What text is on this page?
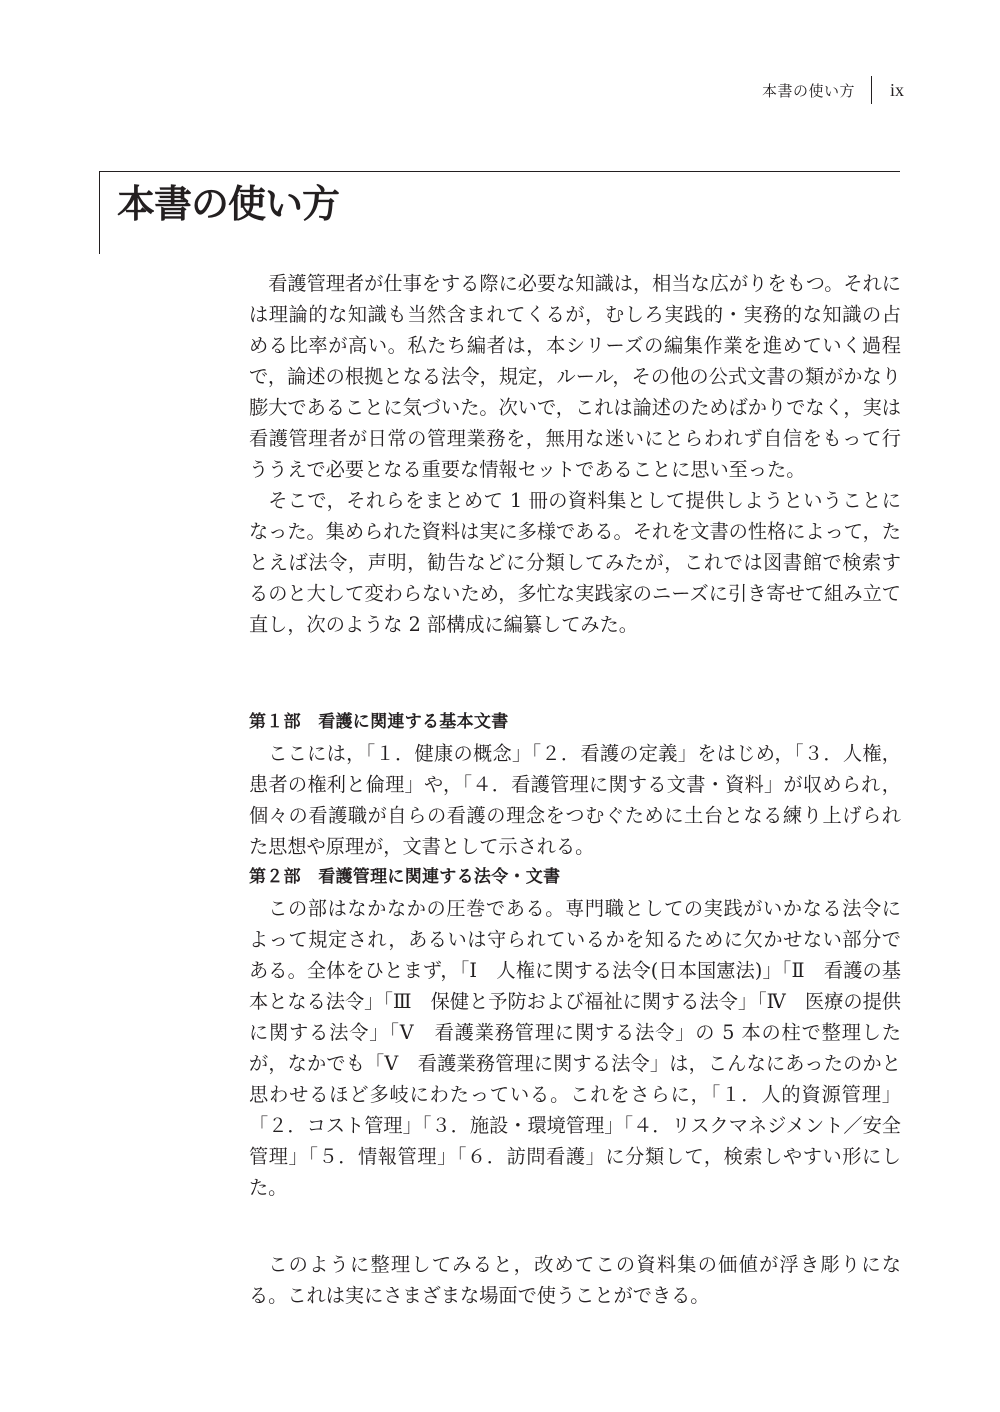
本書の使い方 ix
本書の使い方

看護管理者が仕事をする際に必要な知識は，相当な広がりをもつ。それには理論的な知識も当然含まれてくるが，むしろ実践的・実務的な知識の占める比率が高い。私たち編者は，本シリーズの編集作業を進めていく過程で，論述の根拠となる法令，規定，ルール，その他の公式文書の類がかなり膨大であることに気づいた。次いで，これは論述のためばかりでなく，実は看護管理者が日常の管理業務を，無用な迷いにとらわれず自信をもって行ううえで必要となる重要な情報セットであることに思い至った。

そこで，それらをまとめて 1 冊の資料集として提供しようということになった。集められた資料は実に多様である。それを文書の性格によって，たとえば法令，声明，勧告などに分類してみたが，これでは図書館で検索するのと大して変わらないため，多忙な実践家のニーズに引き寄せて組み立て直し，次のような 2 部構成に編纂してみた。

第１部　看護に関連する基本文書

ここには，「１．健康の概念」「２．看護の定義」をはじめ，「３．人権，患者の権利と倫理」や，「４．看護管理に関する文書・資料」が収められ，個々の看護職が自らの看護の理念をつむぐために土台となる練り上げられた思想や原理が，文書として示される。

第２部　看護管理に関連する法令・文書

この部はなかなかの圧巻である。専門職としての実践がいかなる法令によって規定され，あるいは守られているかを知るために欠かせない部分である。全体をひとまず，「Ⅰ　人権に関する法令(日本国憲法)」「Ⅱ　看護の基本となる法令」「Ⅲ　保健と予防および福祉に関する法令」「Ⅳ　医療の提供に関する法令」「Ⅴ　看護業務管理に関する法令」の 5 本の柱で整理したが，なかでも「Ⅴ　看護業務管理に関する法令」は，こんなにあったのかと思わせるほど多岐にわたっている。これをさらに，「１．人的資源管理」「２．コスト管理」「３．施設・環境管理」「４．リスクマネジメント／安全管理」「５．情報管理」「６．訪問看護」に分類して，検索しやすい形にした。

このように整理してみると，改めてこの資料集の価値が浮き彫りになる。これは実にさまざまな場面で使うことができる。
